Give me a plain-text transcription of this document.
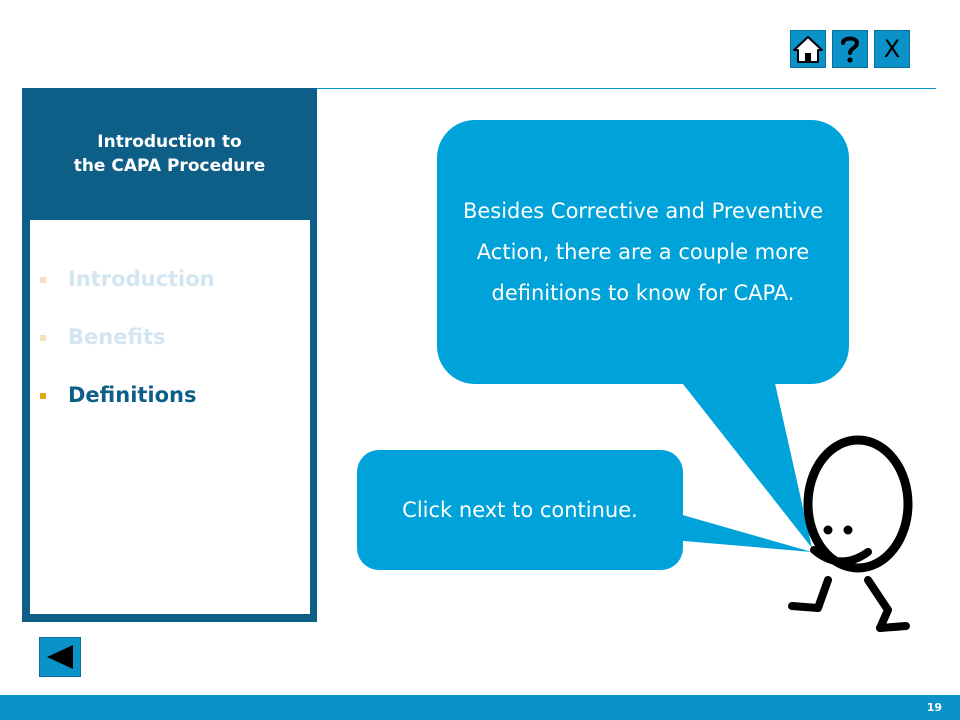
X
Introduction to
the CAPA Procedure
Introduction
Benefits
Definitions
Besides Corrective and Preventive Action, there are a couple more definitions to know for CAPA.
Click next to continue.
19
